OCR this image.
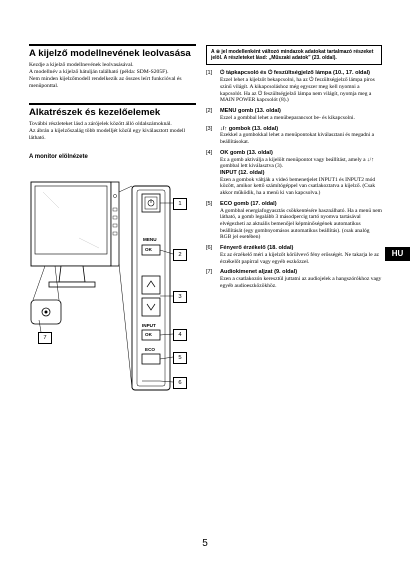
A kijelző modellnevének leolvasása

Kezdje a kijelző modellnevének leolvasásával.

A modellnév a kijelző hátulján található (példa: SDM-S205F).

Nem minden kijelzőmodell rendelkezik az összes leírt funkcióval és menüponttal.

Alkatrészek és kezelőelemek

További részleteket lásd a zárójelek között álló oldalszámoknál.

Az ábrán a kijelzőszalág több modelljét közül egy kiválasztott modell látható.

A monitor elölnézete
1
MENU
OK
2
3
INPUT
OK	4
ECO
5
6
7
A ※ jel modellenként változó mindazok adatokat tartalmazó részeket jelöl. A részleteket lásd: „Műszaki adatok” (23. oldal).
[1] ⏻ tápkapcsoló és ⏻ feszültségjelző lámpa (10., 17. oldal)
Ezzel lehet a kijelzőt bekapcsolni, ha az ⏻ feszültségjelző lámpa piros színű világít. A kikapcsoláshoz még egyszer meg kell nyomni a kapcsolót. Ha az ⏻ feszültségjelző lámpa nem világít, nyomja meg a MAIN POWER kapcsolót (8).)
[2] MENU gomb (13. oldal)
Ezzel a gombbal lehet a menübeparancsot be- és kikapcsolni.
[3] ↓/↑ gombok (13. oldal)
Ezekkel a gombokkal lehet a menüpontokat kiválasztani és megadni a beállításokat.
[4] OK gomb (13. oldal)
Ez a gomb aktiválja a kijelölt menüpontot vagy beállítást, amely a ↓/↑ gombbal lett kiválasztva (3).
INPUT (12. oldal)
Ezen a gombok váltják a videó bemenetjelet INPUT1 és INPUT2 mód között, amikor kettő számítógéppel van csatlakoztatva a kijelző. (Csak akkor működik, ha a menü ki van kapcsolva.)
[5] ECO gomb (17. oldal)
A gombbal energiafogyasztás csökkentésére használható. Ha a menü nem látható, a gomb legalább 3 másodpercig tartó nyomva tartásával elvégezheti az aktuális bemenőjel képminőségének automatikus beállítását (egy gombnyomásos automatikus beállítás). (csak analóg RGB jel esetében)
[6] Fényerő érzékelő (18. oldal)
Ez az érzékelő méri a kijelzőt körülvevő fény erősségét. Ne takarja le az érzékelőt papírral vagy egyéb eszközzel.
[7] Audiokimenet aljzat (9. oldal)
Ezen a csatlakozón keresztül juttatni az audiojelek a hangszórókhoz vagy egyéb audioeszközökhöz.
HU
5
